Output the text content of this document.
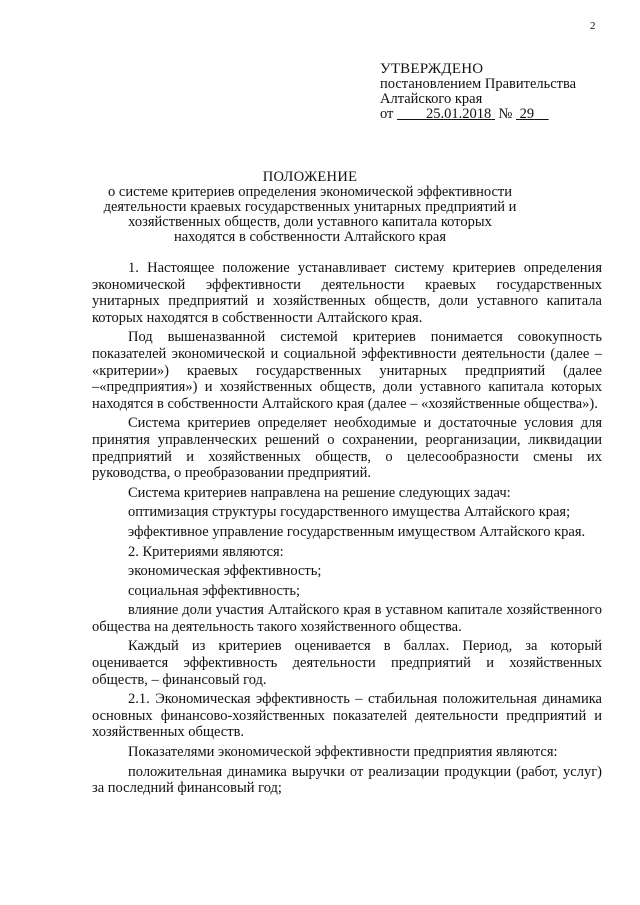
2
УТВЕРЖДЕНО
постановлением Правительства
Алтайского края
от 25.01.2018 № 29
ПОЛОЖЕНИЕ
о системе критериев определения экономической эффективности деятельности краевых государственных унитарных предприятий и хозяйственных обществ, доли уставного капитала которых находятся в собственности Алтайского края

1. Настоящее положение устанавливает систему критериев определения экономической эффективности деятельности краевых государственных унитарных предприятий и хозяйственных обществ, доли уставного капитала которых находятся в собственности Алтайского края.

Под вышеназванной системой критериев понимается совокупность показателей экономической и социальной эффективности деятельности (далее – «критерии») краевых государственных унитарных предприятий (далее –«предприятия») и хозяйственных обществ, доли уставного капитала которых находятся в собственности Алтайского края (далее – «хозяйственные общества»).

Система критериев определяет необходимые и достаточные условия для принятия управленческих решений о сохранении, реорганизации, ликвидации предприятий и хозяйственных обществ, о целесообразности смены их руководства, о преобразовании предприятий.

Система критериев направлена на решение следующих задач:

оптимизация структуры государственного имущества Алтайского края;

эффективное управление государственным имуществом Алтайского края.

2. Критериями являются:

экономическая эффективность;

социальная эффективность;

влияние доли участия Алтайского края в уставном капитале хозяйственного общества на деятельность такого хозяйственного общества.

Каждый из критериев оценивается в баллах. Период, за который оценивается эффективность деятельности предприятий и хозяйственных обществ, – финансовый год.

2.1. Экономическая эффективность – стабильная положительная динамика основных финансово-хозяйственных показателей деятельности предприятий и хозяйственных обществ.

Показателями экономической эффективности предприятия являются:

положительная динамика выручки от реализации продукции (работ, услуг) за последний финансовый год;
